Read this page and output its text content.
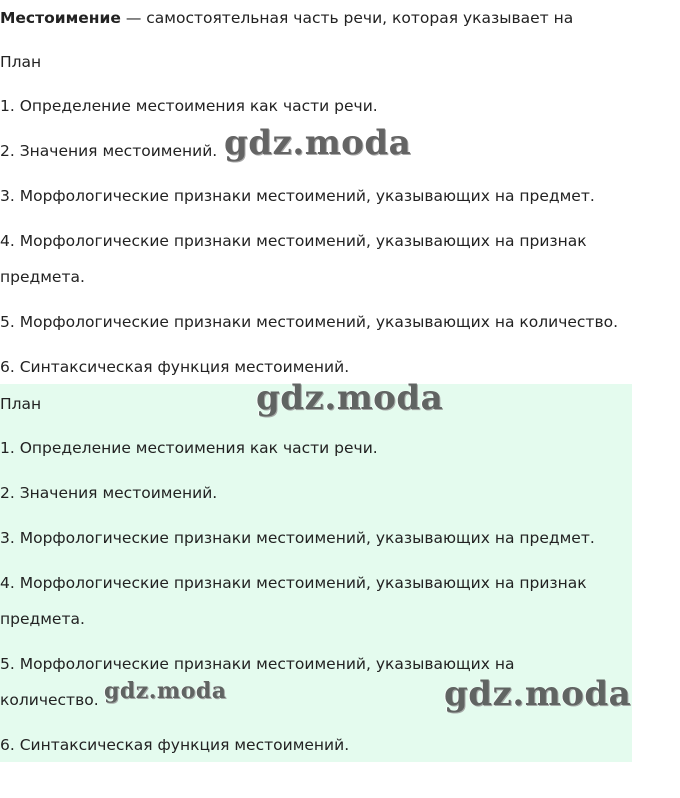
Местоимение — самостоятельная часть речи, которая указывает на
План
1. Определение местоимения как части речи.
2. Значения местоимений.
3. Морфологические признаки местоимений, указывающих на предмет.
4. Морфологические признаки местоимений, указывающих на признак
предмета.
5. Морфологические признаки местоимений, указывающих на количество.
6. Синтаксическая функция местоимений.
План
1. Определение местоимения как части речи.
2. Значения местоимений.
3. Морфологические признаки местоимений, указывающих на предмет.
4. Морфологические признаки местоимений, указывающих на признак
предмета.
5. Морфологические признаки местоимений, указывающих на
количество.
6. Синтаксическая функция местоимений.
gdz.moda
gdz.moda
gdz.moda	gdz.moda
